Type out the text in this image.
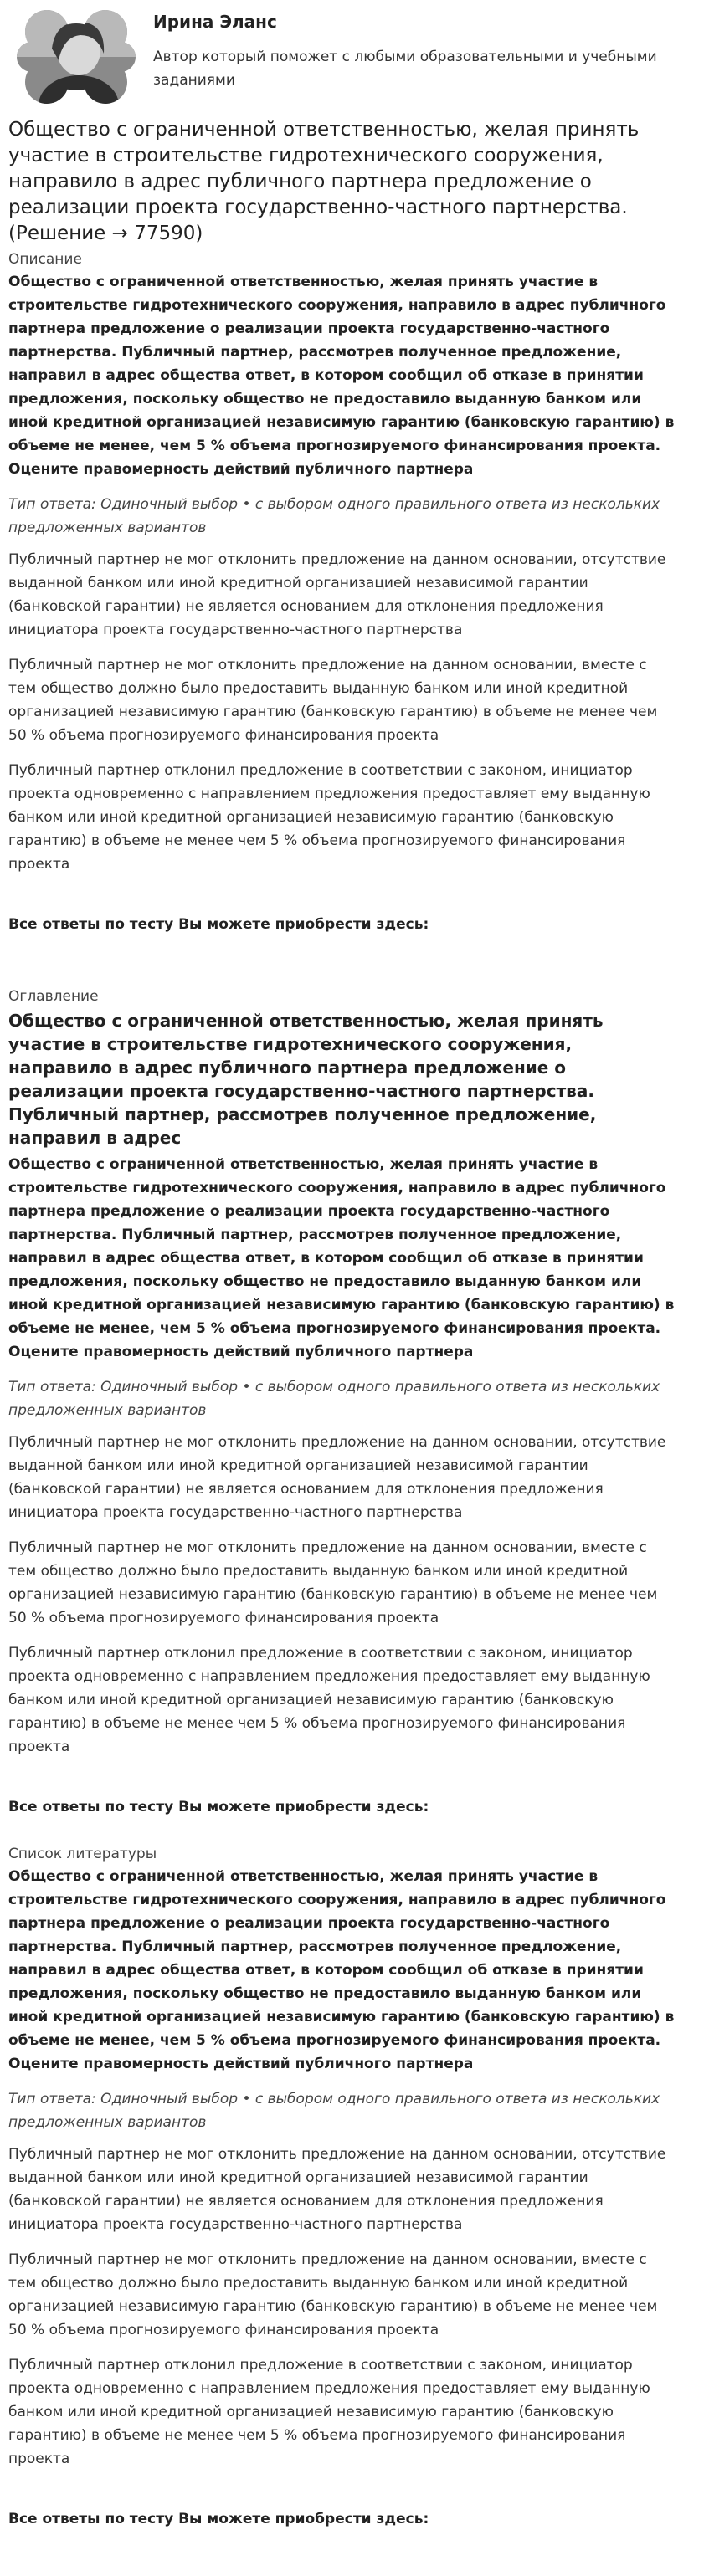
Ирина Эланс
Автор который поможет с любыми образовательными и учебными заданиями
Общество с ограниченной ответственностью, желая принять участие в строительстве гидротехнического сооружения, направило в адрес публичного партнера предложение о реализации проекта государственно-частного партнерства. (Решение → 77590)
Описание
Общество с ограниченной ответственностью, желая принять участие в строительстве гидротехнического сооружения, направило в адрес публичного партнера предложение о реализации проекта государственно-частного партнерства. Публичный партнер, рассмотрев полученное предложение, направил в адрес общества ответ, в котором сообщил об отказе в принятии предложения, поскольку общество не предоставило выданную банком или иной кредитной организацией независимую гарантию (банковскую гарантию) в объеме не менее, чем 5 % объема прогнозируемого финансирования проекта. Оцените правомерность действий публичного партнера
Тип ответа: Одиночный выбор • с выбором одного правильного ответа из нескольких предложенных вариантов
Публичный партнер не мог отклонить предложение на данном основании, отсутствие выданной банком или иной кредитной организацией независимой гарантии (банковской гарантии) не является основанием для отклонения предложения инициатора проекта государственно-частного партнерства
Публичный партнер не мог отклонить предложение на данном основании, вместе с тем общество должно было предоставить выданную банком или иной кредитной организацией независимую гарантию (банковскую гарантию) в объеме не менее чем 50 % объема прогнозируемого финансирования проекта
Публичный партнер отклонил предложение в соответствии с законом, инициатор проекта одновременно с направлением предложения предоставляет ему выданную банком или иной кредитной организацией независимую гарантию (банковскую гарантию) в объеме не менее чем 5 % объема прогнозируемого финансирования проекта
Все ответы по тесту Вы можете приобрести здесь:
Оглавление
Общество с ограниченной ответственностью, желая принять участие в строительстве гидротехнического сооружения, направило в адрес публичного партнера предложение о реализации проекта государственно-частного партнерства. Публичный партнер, рассмотрев полученное предложение, направил в адрес
Общество с ограниченной ответственностью, желая принять участие в строительстве гидротехнического сооружения, направило в адрес публичного партнера предложение о реализации проекта государственно-частного партнерства. Публичный партнер, рассмотрев полученное предложение, направил в адрес общества ответ, в котором сообщил об отказе в принятии предложения, поскольку общество не предоставило выданную банком или иной кредитной организацией независимую гарантию (банковскую гарантию) в объеме не менее, чем 5 % объема прогнозируемого финансирования проекта. Оцените правомерность действий публичного партнера
Тип ответа: Одиночный выбор • с выбором одного правильного ответа из нескольких предложенных вариантов
Публичный партнер не мог отклонить предложение на данном основании, отсутствие выданной банком или иной кредитной организацией независимой гарантии (банковской гарантии) не является основанием для отклонения предложения инициатора проекта государственно-частного партнерства
Публичный партнер не мог отклонить предложение на данном основании, вместе с тем общество должно было предоставить выданную банком или иной кредитной организацией независимую гарантию (банковскую гарантию) в объеме не менее чем 50 % объема прогнозируемого финансирования проекта
Публичный партнер отклонил предложение в соответствии с законом, инициатор проекта одновременно с направлением предложения предоставляет ему выданную банком или иной кредитной организацией независимую гарантию (банковскую гарантию) в объеме не менее чем 5 % объема прогнозируемого финансирования проекта
Все ответы по тесту Вы можете приобрести здесь:
Список литературы
Общество с ограниченной ответственностью, желая принять участие в строительстве гидротехнического сооружения, направило в адрес публичного партнера предложение о реализации проекта государственно-частного партнерства. Публичный партнер, рассмотрев полученное предложение, направил в адрес общества ответ, в котором сообщил об отказе в принятии предложения, поскольку общество не предоставило выданную банком или иной кредитной организацией независимую гарантию (банковскую гарантию) в объеме не менее, чем 5 % объема прогнозируемого финансирования проекта. Оцените правомерность действий публичного партнера
Тип ответа: Одиночный выбор • с выбором одного правильного ответа из нескольких предложенных вариантов
Публичный партнер не мог отклонить предложение на данном основании, отсутствие выданной банком или иной кредитной организацией независимой гарантии (банковской гарантии) не является основанием для отклонения предложения инициатора проекта государственно-частного партнерства
Публичный партнер не мог отклонить предложение на данном основании, вместе с тем общество должно было предоставить выданную банком или иной кредитной организацией независимую гарантию (банковскую гарантию) в объеме не менее чем 50 % объема прогнозируемого финансирования проекта
Публичный партнер отклонил предложение в соответствии с законом, инициатор проекта одновременно с направлением предложения предоставляет ему выданную банком или иной кредитной организацией независимую гарантию (банковскую гарантию) в объеме не менее чем 5 % объема прогнозируемого финансирования проекта
Все ответы по тесту Вы можете приобрести здесь:
